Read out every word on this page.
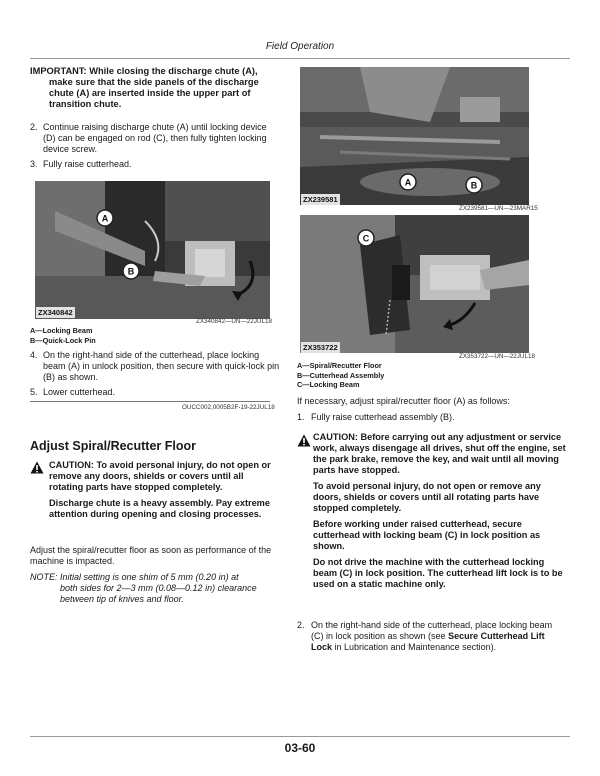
Field Operation
IMPORTANT: While closing the discharge chute (A),
make sure that the side panels of the discharge chute (A) are inserted inside the upper part of transition chute.
2. Continue raising discharge chute (A) until locking device (D) can be engaged on rod (C), then fully tighten locking device screw.
3. Fully raise cutterhead.
A
B
ZX340842
ZX340842—UN—22JUL18
A—Locking Beam
B—Quick-Lock Pin
4. On the right-hand side of the cutterhead, place locking beam (A) in unlock position, then secure with quick-lock pin (B) as shown.
5. Lower cutterhead.
OUCC002,0005B2F-19-22JUL18
Adjust Spiral/Recutter Floor

CAUTION: To avoid personal injury, do not open or remove any doors, shields or covers until all rotating parts have stopped completely.

Discharge chute is a heavy assembly. Pay extreme attention during opening and closing processes.

Adjust the spiral/recutter floor as soon as performance of the machine is impacted.
NOTE: Initial setting is one shim of 5 mm (0.20 in) at
both sides for 2—3 mm (0.08—0.12 in) clearance between tip of knives and floor.
A	B
ZX239581
ZX239581—UN—23MAR15
C
ZX353722
ZX353722—UN—22JUL18
A—Spiral/Recutter Floor
B—Cutterhead Assembly
C—Locking Beam
If necessary, adjust spiral/recutter floor (A) as follows:
1. Fully raise cutterhead assembly (B).

CAUTION: Before carrying out any adjustment or service work, always disengage all drives, shut off the engine, set the park brake, remove the key, and wait until all moving parts have stopped.

To avoid personal injury, do not open or remove any doors, shields or covers until all rotating parts have stopped completely.

Before working under raised cutterhead, secure cutterhead with locking beam (C) in lock position as shown.

Do not drive the machine with the cutterhead locking beam (C) in lock position. The cutterhead lift lock is to be used on a static machine only.

2. On the right-hand side of the cutterhead, place locking beam (C) in lock position as shown (see Secure Cutterhead Lift Lock in Lubrication and Maintenance section).
03-60
